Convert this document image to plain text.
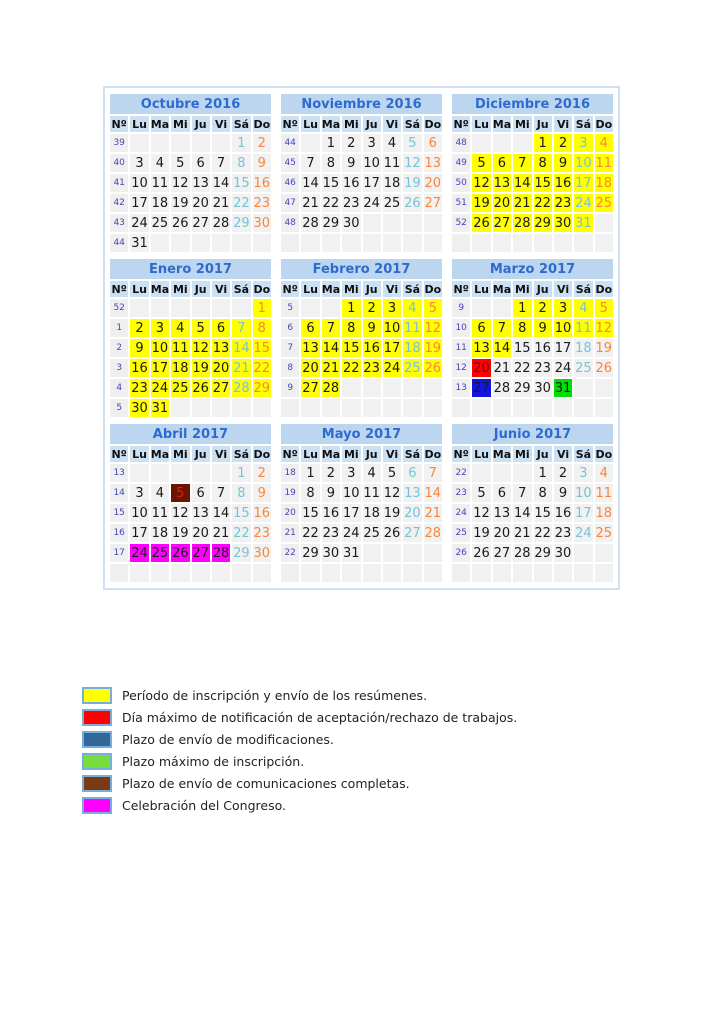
Octubre 2016							
Nº	Lu	Ma	Mi	Ju	Vi	Sá	Do
39						1	2
40	3	4	5	6	7	8	9
41	10	11	12	13	14	15	16
42	17	18	19	20	21	22	23
43	24	25	26	27	28	29	30
44	31						
Noviembre 2016							
Nº	Lu	Ma	Mi	Ju	Vi	Sá	Do
44		1	2	3	4	5	6
45	7	8	9	10	11	12	13
46	14	15	16	17	18	19	20
47	21	22	23	24	25	26	27
48	28	29	30				

Diciembre 2016							
Nº	Lu	Ma	Mi	Ju	Vi	Sá	Do
48				1	2	3	4
49	5	6	7	8	9	10	11
50	12	13	14	15	16	17	18
51	19	20	21	22	23	24	25
52	26	27	28	29	30	31	

Enero 2017							
Nº	Lu	Ma	Mi	Ju	Vi	Sá	Do
52							1
1	2	3	4	5	6	7	8
2	9	10	11	12	13	14	15
3	16	17	18	19	20	21	22
4	23	24	25	26	27	28	29
5	30	31					
Febrero 2017							
Nº	Lu	Ma	Mi	Ju	Vi	Sá	Do
5			1	2	3	4	5
6	6	7	8	9	10	11	12
7	13	14	15	16	17	18	19
8	20	21	22	23	24	25	26
9	27	28					

Marzo 2017							
Nº	Lu	Ma	Mi	Ju	Vi	Sá	Do
9			1	2	3	4	5
10	6	7	8	9	10	11	12
11	13	14	15	16	17	18	19
12	20	21	22	23	24	25	26
13	27	28	29	30	31		

Abril 2017							
Nº	Lu	Ma	Mi	Ju	Vi	Sá	Do
13						1	2
14	3	4	5	6	7	8	9
15	10	11	12	13	14	15	16
16	17	18	19	20	21	22	23
17	24	25	26	27	28	29	30

Mayo 2017							
Nº	Lu	Ma	Mi	Ju	Vi	Sá	Do
18	1	2	3	4	5	6	7
19	8	9	10	11	12	13	14
20	15	16	17	18	19	20	21
21	22	23	24	25	26	27	28
22	29	30	31				

Junio 2017							
Nº	Lu	Ma	Mi	Ju	Vi	Sá	Do
22				1	2	3	4
23	5	6	7	8	9	10	11
24	12	13	14	15	16	17	18
25	19	20	21	22	23	24	25
26	26	27	28	29	30		

Período de inscripción y envío de los resúmenes.
Día máximo de notificación de aceptación/rechazo de trabajos.
Plazo de envío de modificaciones.
Plazo máximo de inscripción.
Plazo de envío de comunicaciones completas.
Celebración del Congreso.
